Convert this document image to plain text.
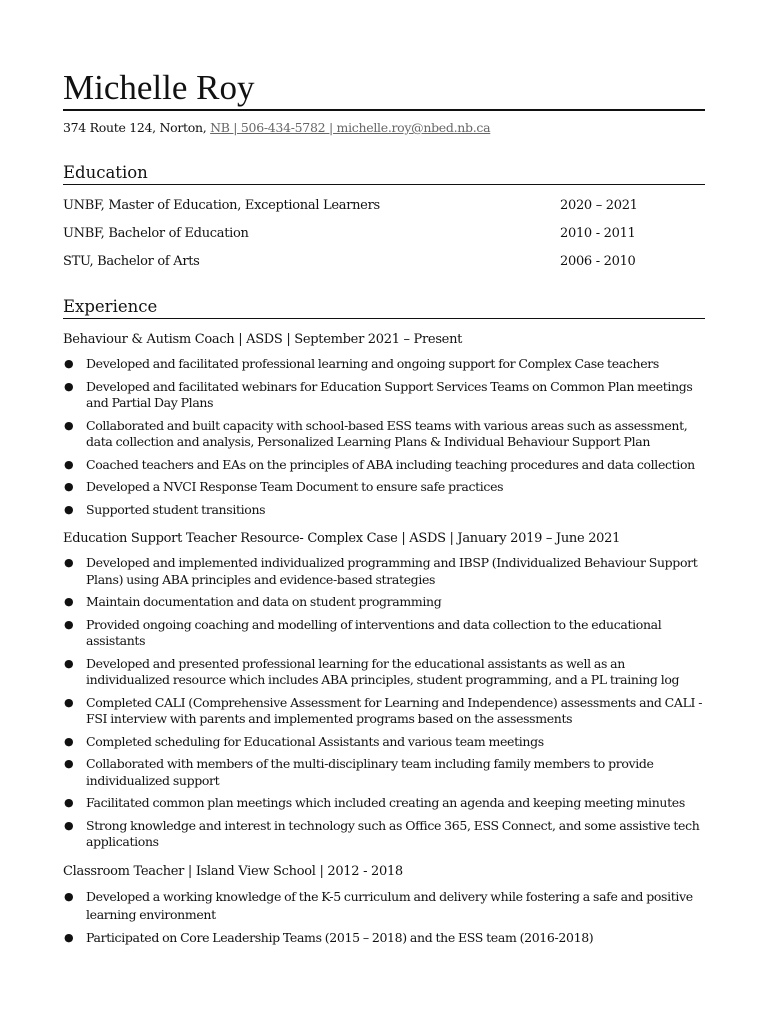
Michelle Roy
374 Route 124, Norton, NB | 506-434-5782 | michelle.roy@nbed.nb.ca
Education
UNBF, Master of Education, Exceptional Learners	2020 – 2021
UNBF, Bachelor of Education	2010 - 2011
STU, Bachelor of Arts	2006 - 2010
Experience
Behaviour & Autism Coach | ASDS | September 2021 – Present
● Developed and facilitated professional learning and ongoing support for Complex Case teachers
● Developed and facilitated webinars for Education Support Services Teams on Common Plan meetings and Partial Day Plans
● Collaborated and built capacity with school-based ESS teams with various areas such as assessment, data collection and analysis, Personalized Learning Plans & Individual Behaviour Support Plan
● Coached teachers and EAs on the principles of ABA including teaching procedures and data collection
● Developed a NVCI Response Team Document to ensure safe practices
● Supported student transitions
Education Support Teacher Resource- Complex Case | ASDS | January 2019 – June 2021
● Developed and implemented individualized programming and IBSP (Individualized Behaviour Support Plans) using ABA principles and evidence-based strategies
● Maintain documentation and data on student programming
● Provided ongoing coaching and modelling of interventions and data collection to the educational assistants
● Developed and presented professional learning for the educational assistants as well as an individualized resource which includes ABA principles, student programming, and a PL training log
● Completed CALI (Comprehensive Assessment for Learning and Independence) assessments and CALI - FSI interview with parents and implemented programs based on the assessments
● Completed scheduling for Educational Assistants and various team meetings
● Collaborated with members of the multi-disciplinary team including family members to provide individualized support
● Facilitated common plan meetings which included creating an agenda and keeping meeting minutes
● Strong knowledge and interest in technology such as Office 365, ESS Connect, and some assistive tech applications
Classroom Teacher | Island View School | 2012 - 2018
● Developed a working knowledge of the K-5 curriculum and delivery while fostering a safe and positive learning environment
● Participated on Core Leadership Teams (2015 – 2018) and the ESS team (2016-2018)
